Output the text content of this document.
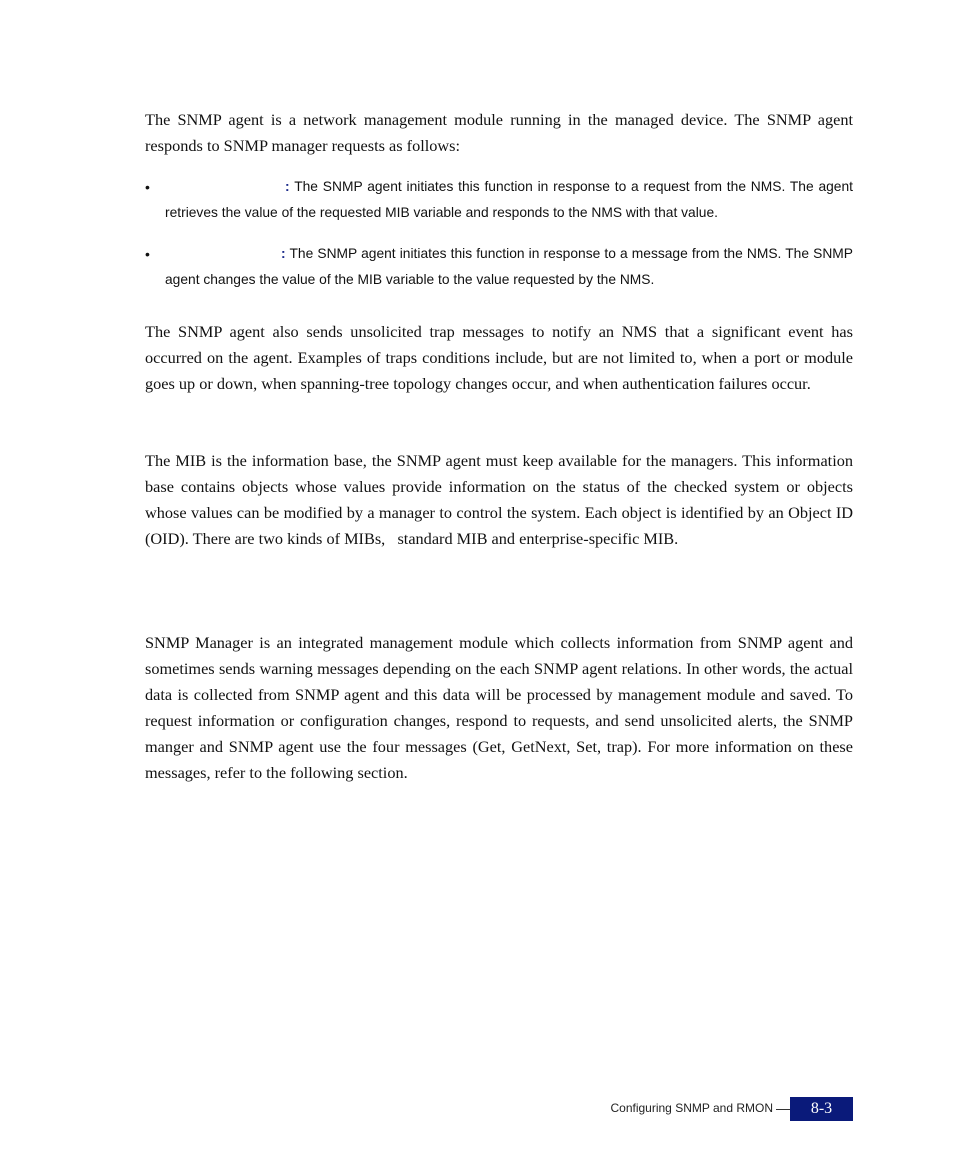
The SNMP agent is a network management module running in the managed device. The SNMP agent responds to SNMP manager requests as follows:

•	: The SNMP agent initiates this function in response to a request from the NMS. The agent retrieves the value of the requested MIB variable and responds to the NMS with that value.

•	: The SNMP agent initiates this function in response to a message from the NMS. The SNMP agent changes the value of the MIB variable to the value requested by the NMS.

The SNMP agent also sends unsolicited trap messages to notify an NMS that a significant event has occurred on the agent. Examples of traps conditions include, but are not limited to, when a port or module goes up or down, when spanning-tree topology changes occur, and when authentication failures occur.

The MIB is the information base, the SNMP agent must keep available for the managers. This information base contains objects whose values provide information on the status of the checked system or objects whose values can be modified by a manager to control the system. Each object is identified by an Object ID (OID). There are two kinds of MIBs,   standard MIB and enterprise-specific MIB.

SNMP Manager is an integrated management module which collects information from SNMP agent and sometimes sends warning messages depending on the each SNMP agent relations. In other words, the actual data is collected from SNMP agent and this data will be processed by management module and saved. To request information or configuration changes, respond to requests, and send unsolicited alerts, the SNMP manger and SNMP agent use the four messages (Get, GetNext, Set, trap). For more information on these messages, refer to the following section.

Configuring SNMP and RMON	8-3
